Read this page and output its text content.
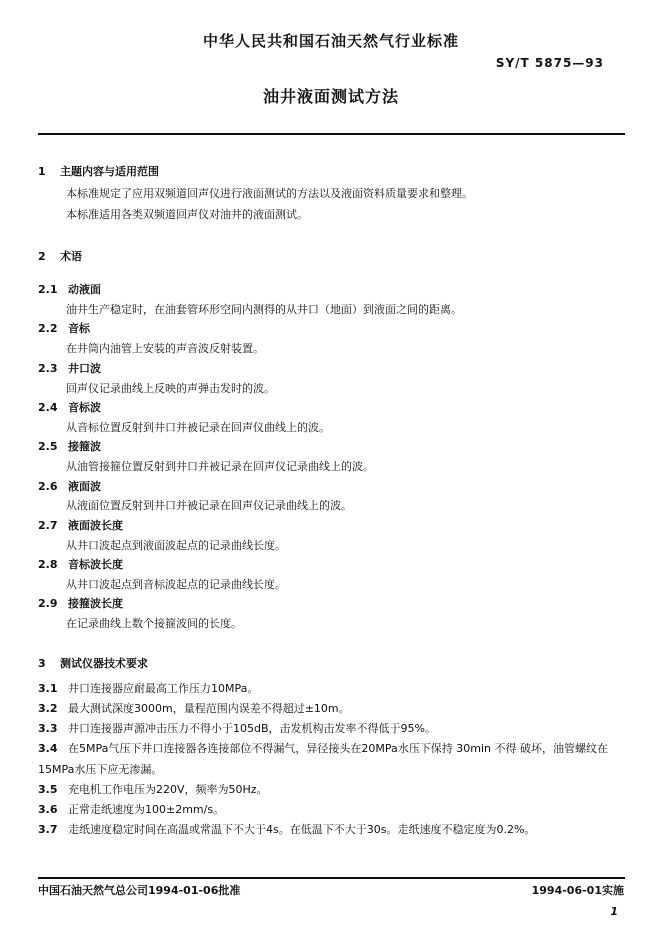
中华人民共和国石油天然气行业标准
SY/T 5875—93
油井液面测试方法
1 主题内容与适用范围
本标准规定了应用双频道回声仪进行液面测试的方法以及液面资料质量要求和整理。
本标准适用各类双频道回声仪对油井的液面测试。
2 术语
2.1 动液面
油井生产稳定时，在油套管环形空间内测得的从井口（地面）到液面之间的距离。
2.2 音标
在井筒内油管上安装的声音波反射装置。
2.3 井口波
回声仪记录曲线上反映的声弹击发时的波。
2.4 音标波
从音标位置反射到井口并被记录在回声仪曲线上的波。
2.5 接箍波
从油管接箍位置反射到井口并被记录在回声仪记录曲线上的波。
2.6 液面波
从液面位置反射到井口并被记录在回声仪记录曲线上的波。
2.7 液面波长度
从井口波起点到液面波起点的记录曲线长度。
2.8 音标波长度
从井口波起点到音标波起点的记录曲线长度。
2.9 接箍波长度
在记录曲线上数个接箍波间的长度。
3 测试仪器技术要求
3.1 井口连接器应耐最高工作压力10MPa。
3.2 最大测试深度3000m，量程范围内误差不得超过±10m。
3.3 井口连接器声源冲击压力不得小于105dB，击发机构击发率不得低于95%。
3.4 在5MPa气压下井口连接器各连接部位不得漏气，异径接头在20MPa水压下保持 30min 不得 破坏，油管螺纹在15MPa水压下应无渗漏。
3.5 充电机工作电压为220V，频率为50Hz。
3.6 正常走纸速度为100±2mm/s。
3.7 走纸速度稳定时间在高温或常温下不大于4s。在低温下不大于30s。走纸速度不稳定度为0.2%。
中国石油天然气总公司1994-01-06批准	1994-06-01实施
1
